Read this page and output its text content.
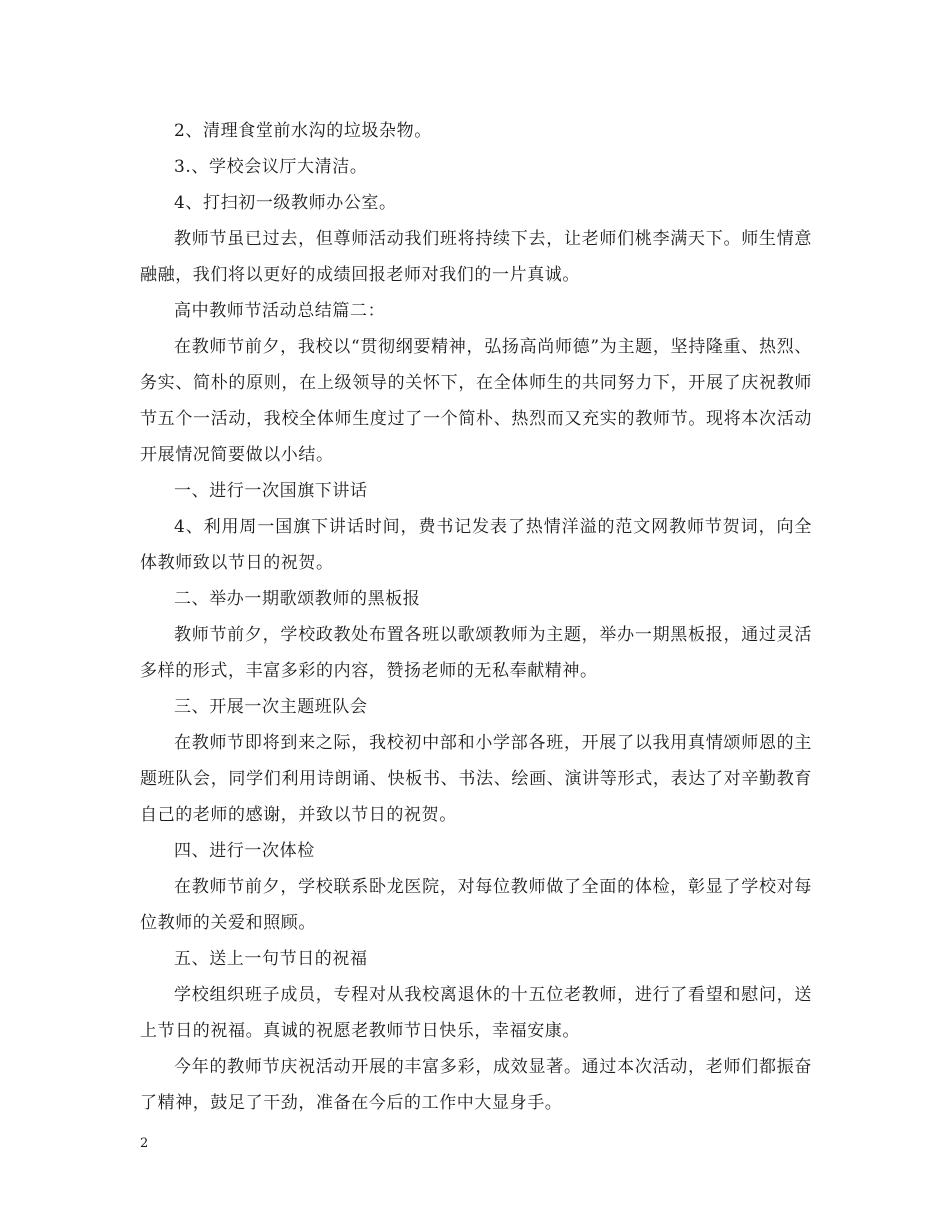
2、清理食堂前水沟的垃圾杂物。

3.、学校会议厅大清洁。

4、打扫初一级教师办公室。

教师节虽已过去，但尊师活动我们班将持续下去，让老师们桃李满天下。师生情意融融，我们将以更好的成绩回报老师对我们的一片真诚。

高中教师节活动总结篇二：

在教师节前夕，我校以“贯彻纲要精神，弘扬高尚师德”为主题，坚持隆重、热烈、务实、简朴的原则，在上级领导的关怀下，在全体师生的共同努力下，开展了庆祝教师节五个一活动，我校全体师生度过了一个简朴、热烈而又充实的教师节。现将本次活动开展情况简要做以小结。

一、进行一次国旗下讲话

4、利用周一国旗下讲话时间，费书记发表了热情洋溢的范文网教师节贺词，向全体教师致以节日的祝贺。

二、举办一期歌颂教师的黑板报

教师节前夕，学校政教处布置各班以歌颂教师为主题，举办一期黑板报，通过灵活多样的形式，丰富多彩的内容，赞扬老师的无私奉献精神。

三、开展一次主题班队会

在教师节即将到来之际，我校初中部和小学部各班，开展了以我用真情颂师恩的主题班队会，同学们利用诗朗诵、快板书、书法、绘画、演讲等形式，表达了对辛勤教育自己的老师的感谢，并致以节日的祝贺。

四、进行一次体检

在教师节前夕，学校联系卧龙医院，对每位教师做了全面的体检，彰显了学校对每位教师的关爱和照顾。

五、送上一句节日的祝福

学校组织班子成员，专程对从我校离退休的十五位老教师，进行了看望和慰问，送上节日的祝福。真诚的祝愿老教师节日快乐，幸福安康。

今年的教师节庆祝活动开展的丰富多彩，成效显著。通过本次活动，老师们都振奋了精神，鼓足了干劲，准备在今后的工作中大显身手。

2
